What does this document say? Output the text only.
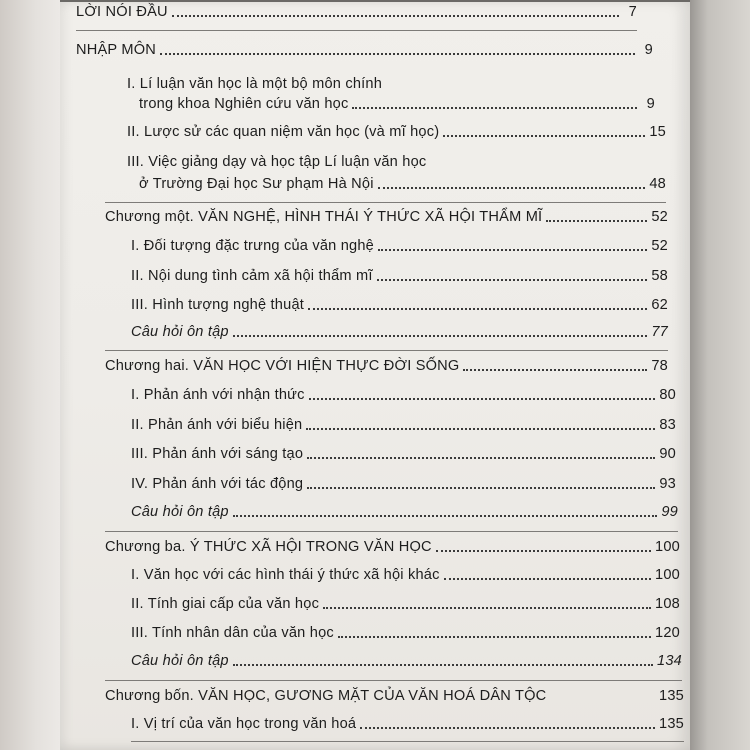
LỜI NÓI ĐẦU	7
NHẬP MÔN	9
I. Lí luận văn học là một bộ môn chính
trong khoa Nghiên cứu văn học	9
II. Lược sử các quan niệm văn học (và mĩ học)	15
III. Việc giảng dạy và học tập Lí luận văn học
ở Trường Đại học Sư phạm Hà Nội	48
Chương một. VĂN NGHỆ, HÌNH THÁI Ý THỨC XÃ HỘI THẨM MĨ	52
I. Đối tượng đặc trưng của văn nghệ	52
II. Nội dung tình cảm xã hội thẩm mĩ	58
III. Hình tượng nghệ thuật	62
Câu hỏi ôn tập	77
Chương hai. VĂN HỌC VỚI HIỆN THỰC ĐỜI SỐNG	78
I. Phản ánh với nhận thức	80
II. Phản ánh với biểu hiện	83
III. Phản ánh với sáng tạo	90
IV. Phản ánh với tác động	93
Câu hỏi ôn tập	99
Chương ba. Ý THỨC XÃ HỘI TRONG VĂN HỌC	100
I. Văn học với các hình thái ý thức xã hội khác	100
II. Tính giai cấp của văn học	108
III. Tính nhân dân của văn học	120
Câu hỏi ôn tập	134
Chương bốn. VĂN HỌC, GƯƠNG MẶT CỦA VĂN HOÁ DÂN TỘC	135
I. Vị trí của văn học trong văn hoá	135
